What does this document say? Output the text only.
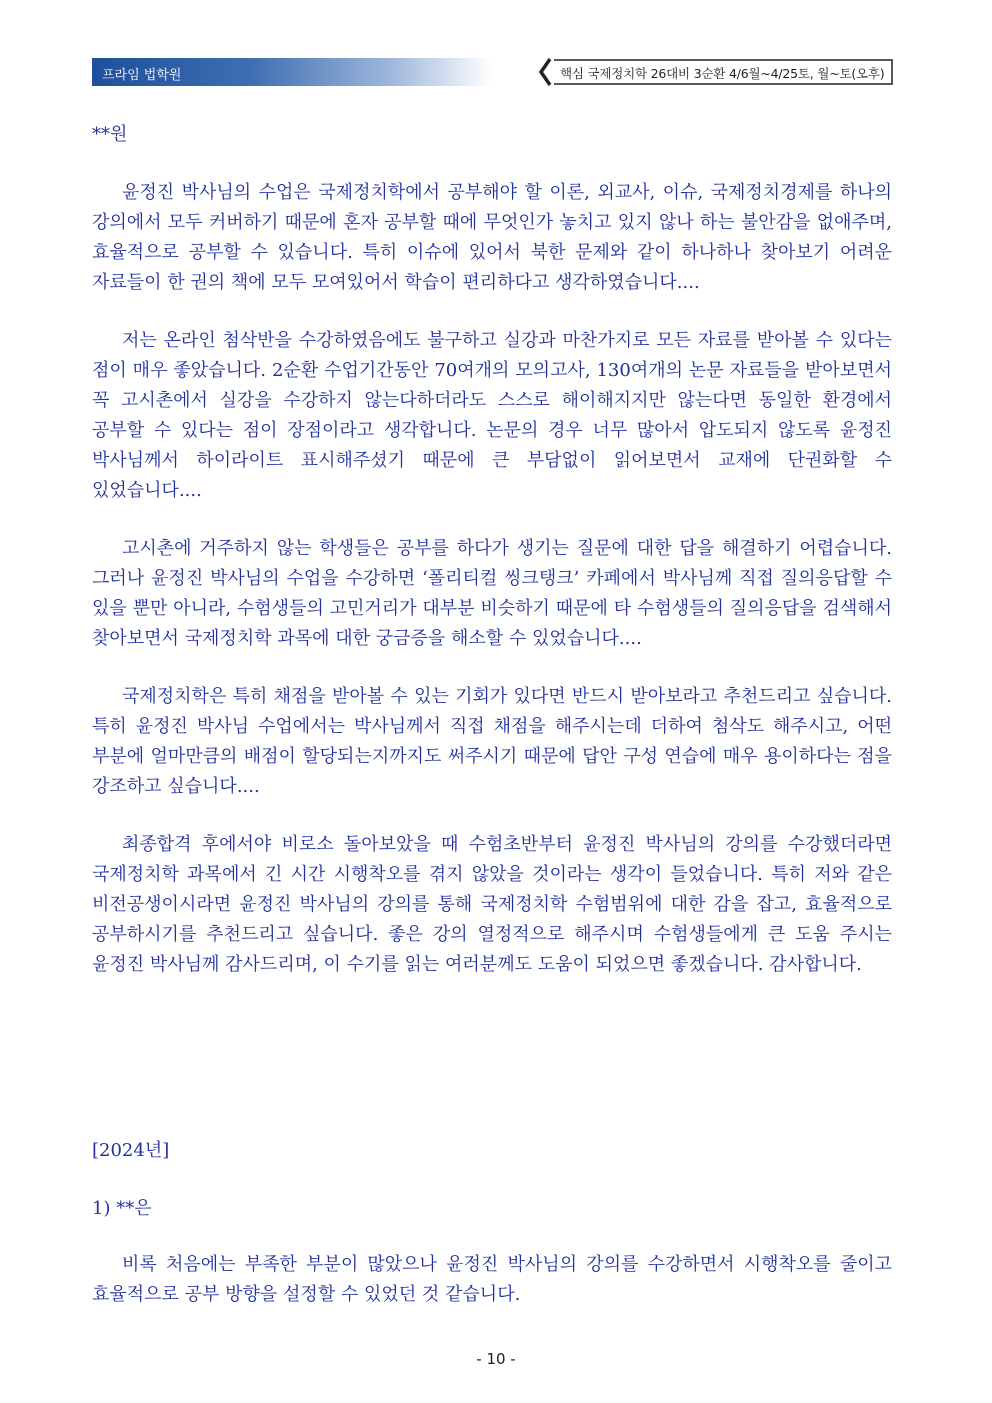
프라임 법학원	핵심 국제정치학 26대비 3순환 4/6월~4/25토, 월~토(오후)
**원

윤정진 박사님의 수업은 국제정치학에서 공부해야 할 이론, 외교사, 이슈, 국제정치경제를 하나의 강의에서 모두 커버하기 때문에 혼자 공부할 때에 무엇인가 놓치고 있지 않나 하는 불안감을 없애주며, 효율적으로 공부할 수 있습니다. 특히 이슈에 있어서 북한 문제와 같이 하나하나 찾아보기 어려운 자료들이 한 권의 책에 모두 모여있어서 학습이 편리하다고 생각하였습니다....

저는 온라인 첨삭반을 수강하였음에도 불구하고 실강과 마찬가지로 모든 자료를 받아볼 수 있다는 점이 매우 좋았습니다. 2순환 수업기간동안 70여개의 모의고사, 130여개의 논문 자료들을 받아보면서 꼭 고시촌에서 실강을 수강하지 않는다하더라도 스스로 해이해지지만 않는다면 동일한 환경에서 공부할 수 있다는 점이 장점이라고 생각합니다. 논문의 경우 너무 많아서 압도되지 않도록 윤정진 박사님께서 하이라이트 표시해주셨기 때문에 큰 부담없이 읽어보면서 교재에 단권화할 수 있었습니다....

고시촌에 거주하지 않는 학생들은 공부를 하다가 생기는 질문에 대한 답을 해결하기 어렵습니다. 그러나 윤정진 박사님의 수업을 수강하면 ‘폴리티컬 씽크탱크’ 카페에서 박사님께 직접 질의응답할 수 있을 뿐만 아니라, 수험생들의 고민거리가 대부분 비슷하기 때문에 타 수험생들의 질의응답을 검색해서 찾아보면서 국제정치학 과목에 대한 궁금증을 해소할 수 있었습니다....

국제정치학은 특히 채점을 받아볼 수 있는 기회가 있다면 반드시 받아보라고 추천드리고 싶습니다. 특히 윤정진 박사님 수업에서는 박사님께서 직접 채점을 해주시는데 더하여 첨삭도 해주시고, 어떤 부분에 얼마만큼의 배점이 할당되는지까지도 써주시기 때문에 답안 구성 연습에 매우 용이하다는 점을 강조하고 싶습니다....

최종합격 후에서야 비로소 돌아보았을 때 수험초반부터 윤정진 박사님의 강의를 수강했더라면 국제정치학 과목에서 긴 시간 시행착오를 겪지 않았을 것이라는 생각이 들었습니다. 특히 저와 같은 비전공생이시라면 윤정진 박사님의 강의를 통해 국제정치학 수험범위에 대한 감을 잡고, 효율적으로 공부하시기를 추천드리고 싶습니다. 좋은 강의 열정적으로 해주시며 수험생들에게 큰 도움 주시는 윤정진 박사님께 감사드리며, 이 수기를 읽는 여러분께도 도움이 되었으면 좋겠습니다. 감사합니다.

[2024년]
1) **은

비록 처음에는 부족한 부분이 많았으나 윤정진 박사님의 강의를 수강하면서 시행착오를 줄이고 효율적으로 공부 방향을 설정할 수 있었던 것 같습니다.

- 10 -
